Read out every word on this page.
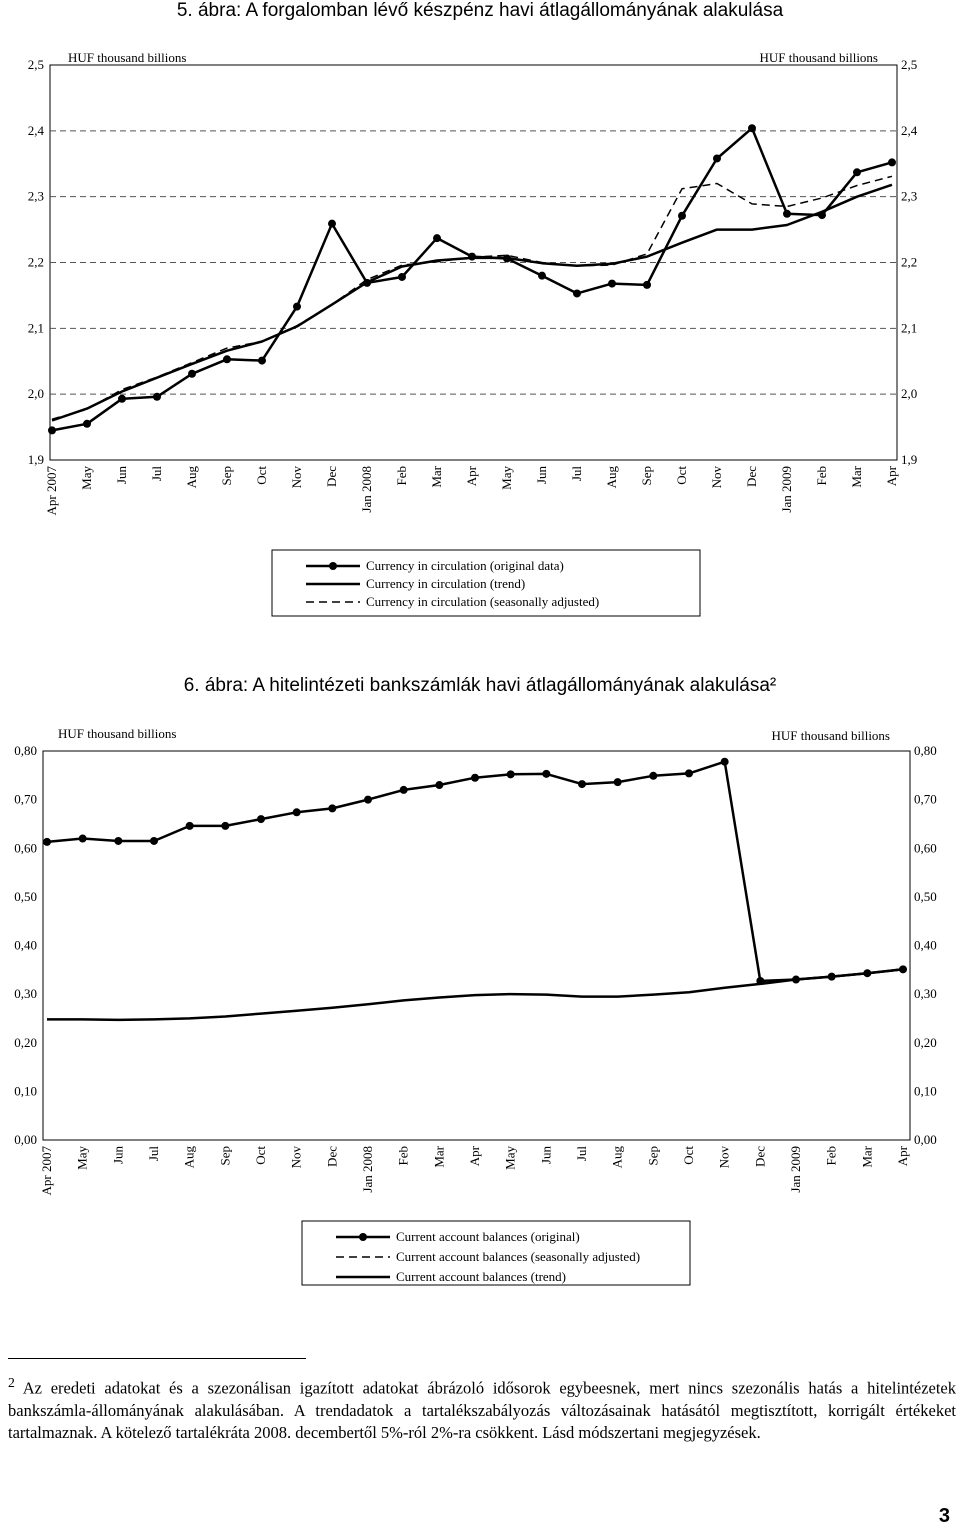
5. ábra: A forgalomban lévő készpénz havi átlagállományának alakulása
1,9	1,9
2,0	2,0
2,1	2,1
2,2	2,2
2,3	2,3
2,4	2,4
2,5	2,5
HUF thousand billions	HUF thousand billions
Apr 2007 May Jun Jul Aug Sep Oct Nov Dec Jan 2008 Feb Mar Apr May Jun Jul Aug Sep Oct Nov Dec Jan 2009 Feb Mar Apr
Currency in circulation (original data)
Currency in circulation (trend)
Currency in circulation (seasonally adjusted)
6. ábra: A hitelintézeti bankszámlák havi átlagállományának alakulása²
0,00	0,00
0,10	0,10
0,20	0,20
0,30	0,30
0,40	0,40
0,50	0,50
0,60	0,60
0,70	0,70
0,80	0,80
HUF thousand billions	HUF thousand billions
Apr 2007 May Jun Jul Aug Sep Oct Nov Dec Jan 2008 Feb Mar Apr May Jun Jul Aug Sep Oct Nov Dec Jan 2009 Feb Mar Apr
Current account balances (original)
Current account balances (seasonally adjusted)
Current account balances (trend)
$^2$ Az eredeti adatokat és a szezonálisan igazított adatokat ábrázoló idősorok egybeesnek, mert nincs szezonális hatás a hitelintézetek bankszámla-állományának alakulásában. A trendadatok a tartalékszabályozás változásainak hatásától megtisztított, korrigált értékeket tartalmaznak. A kötelező tartalékráta 2008. decembertől 5%-ról 2%-ra csökkent. Lásd módszertani megjegyzések.
3
